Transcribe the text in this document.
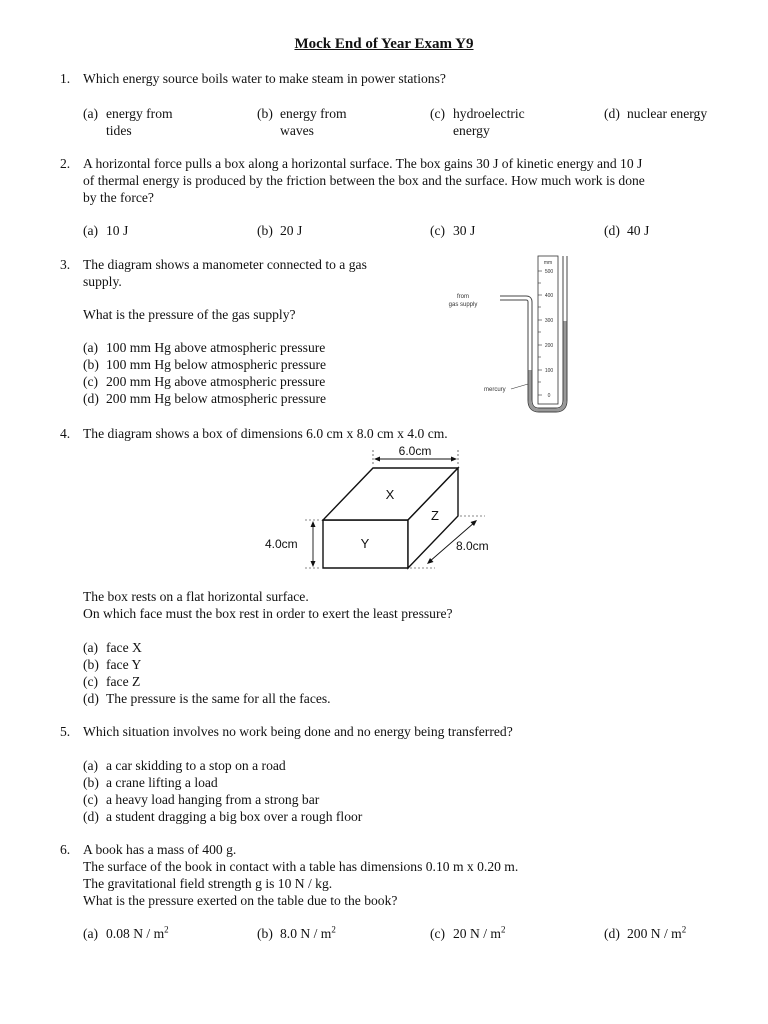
Mock End of Year Exam Y9
1. Which energy source boils water to make steam in power stations?
(a) energy from
tides
(b) energy from
waves
(c) hydroelectric
energy
(d) nuclear energy
2. A horizontal force pulls a box along a horizontal surface. The box gains 30 J of kinetic energy and 10 J
of thermal energy is produced by the friction between the box and the surface. How much work is done
by the force?
(a) 10 J	(b) 20 J	(c) 30 J	(d) 40 J
3. The diagram shows a manometer connected to a gas
supply.
What is the pressure of the gas supply?
(a) 100 mm Hg above atmospheric pressure
(b) 100 mm Hg below atmospheric pressure
(c) 200 mm Hg above atmospheric pressure
(d) 200 mm Hg below atmospheric pressure
mm
500
400
300
200
100
0
from
gas supply
mercury
4. The diagram shows a box of dimensions 6.0 cm x 8.0 cm x 4.0 cm.
6.0cm
4.0cm	8.0cm
X
Y
Z
The box rests on a flat horizontal surface.
On which face must the box rest in order to exert the least pressure?
(a) face X
(b) face Y
(c) face Z
(d) The pressure is the same for all the faces.
5. Which situation involves no work being done and no energy being transferred?
(a) a car skidding to a stop on a road
(b) a crane lifting a load
(c) a heavy load hanging from a strong bar
(d) a student dragging a big box over a rough floor
6. A book has a mass of 400 g.
The surface of the book in contact with a table has dimensions 0.10 m x 0.20 m.
The gravitational field strength g is 10 N / kg.
What is the pressure exerted on the table due to the book?
(a) 0.08 N / $m^2$	(b) 8.0 N / $m^2$	(c) 20 N / $m^2$	(d) 200 N / $m^2$
